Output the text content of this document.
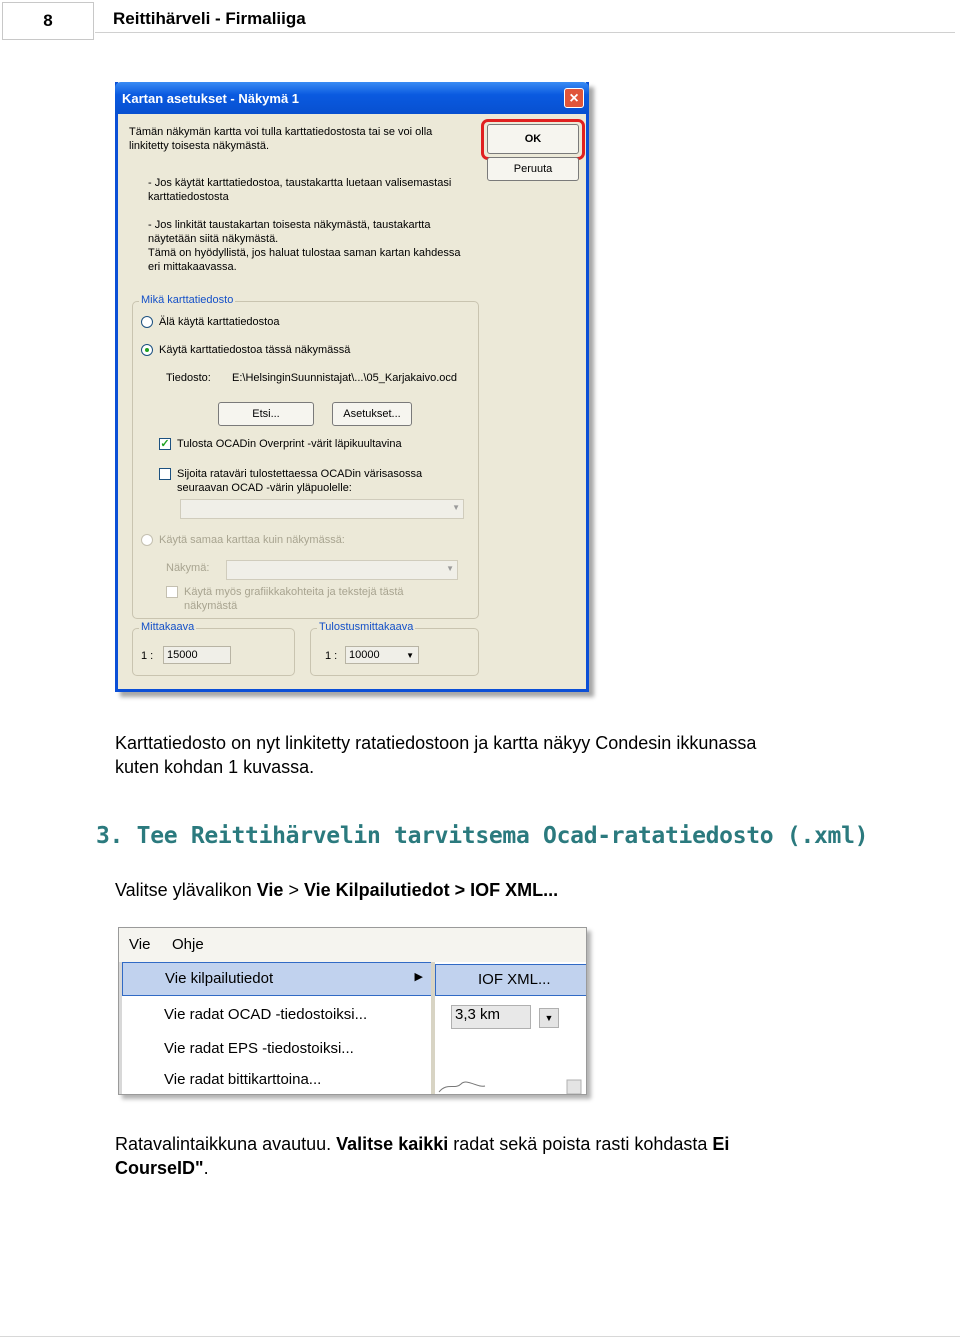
8	Reittihärveli - Firmaliiga
Kartan asetukset - Näkymä 1	×
Tämän näkymän kartta voi tulla karttatiedostosta tai se voi olla
linkitetty toisesta näkymästä.
- Jos käytät karttatiedostoa, taustakartta luetaan valisemastasi
karttatiedostosta
- Jos linkität taustakartan toisesta näkymästä, taustakartta
näytetään siitä näkymästä.
Tämä on hyödyllistä, jos haluat tulostaa saman kartan kahdessa
eri mittakaavassa.
OK
Peruuta
Mikä karttatiedosto
Älä käytä karttatiedostoa
Käytä karttatiedostoa tässä näkymässä
Tiedosto: E:\HelsinginSuunnistajat\...\05_Karjakaivo.ocd
Etsi...	Asetukset...
✓ Tulosta OCADin Overprint -värit läpikuultavina
Sijoita rataväri tulostettaessa OCADin värisasossa
seuraavan OCAD -värin yläpuolelle:
▼
Käytä samaa karttaa kuin näkymässä:
Näkymä:	▼
Käytä myös grafiikkakohteita ja tekstejä tästä
näkymästä
Mittakaava
1 :	15000
Tulostusmittakaava
1 : 10000	▼
Karttatiedosto on nyt linkitetty ratatiedostoon ja kartta näkyy Condesin ikkunassa
kuten kohdan 1 kuvassa.
3. Tee Reittihärvelin tarvitsema Ocad-ratatiedosto (.xml)
Valitse ylävalikon Vie > Vie Kilpailutiedot > IOF XML...
Vie Ohje
Vie kilpailutiedot	▶	IOF XML...
Vie radat OCAD -tiedostoiksi...
Vie radat EPS -tiedostoiksi...
Vie radat bittikarttoina...
3,3 km	▼
Ratavalintaikkuna avautuu. Valitse kaikki radat sekä poista rasti kohdasta Ei
CourseID".
